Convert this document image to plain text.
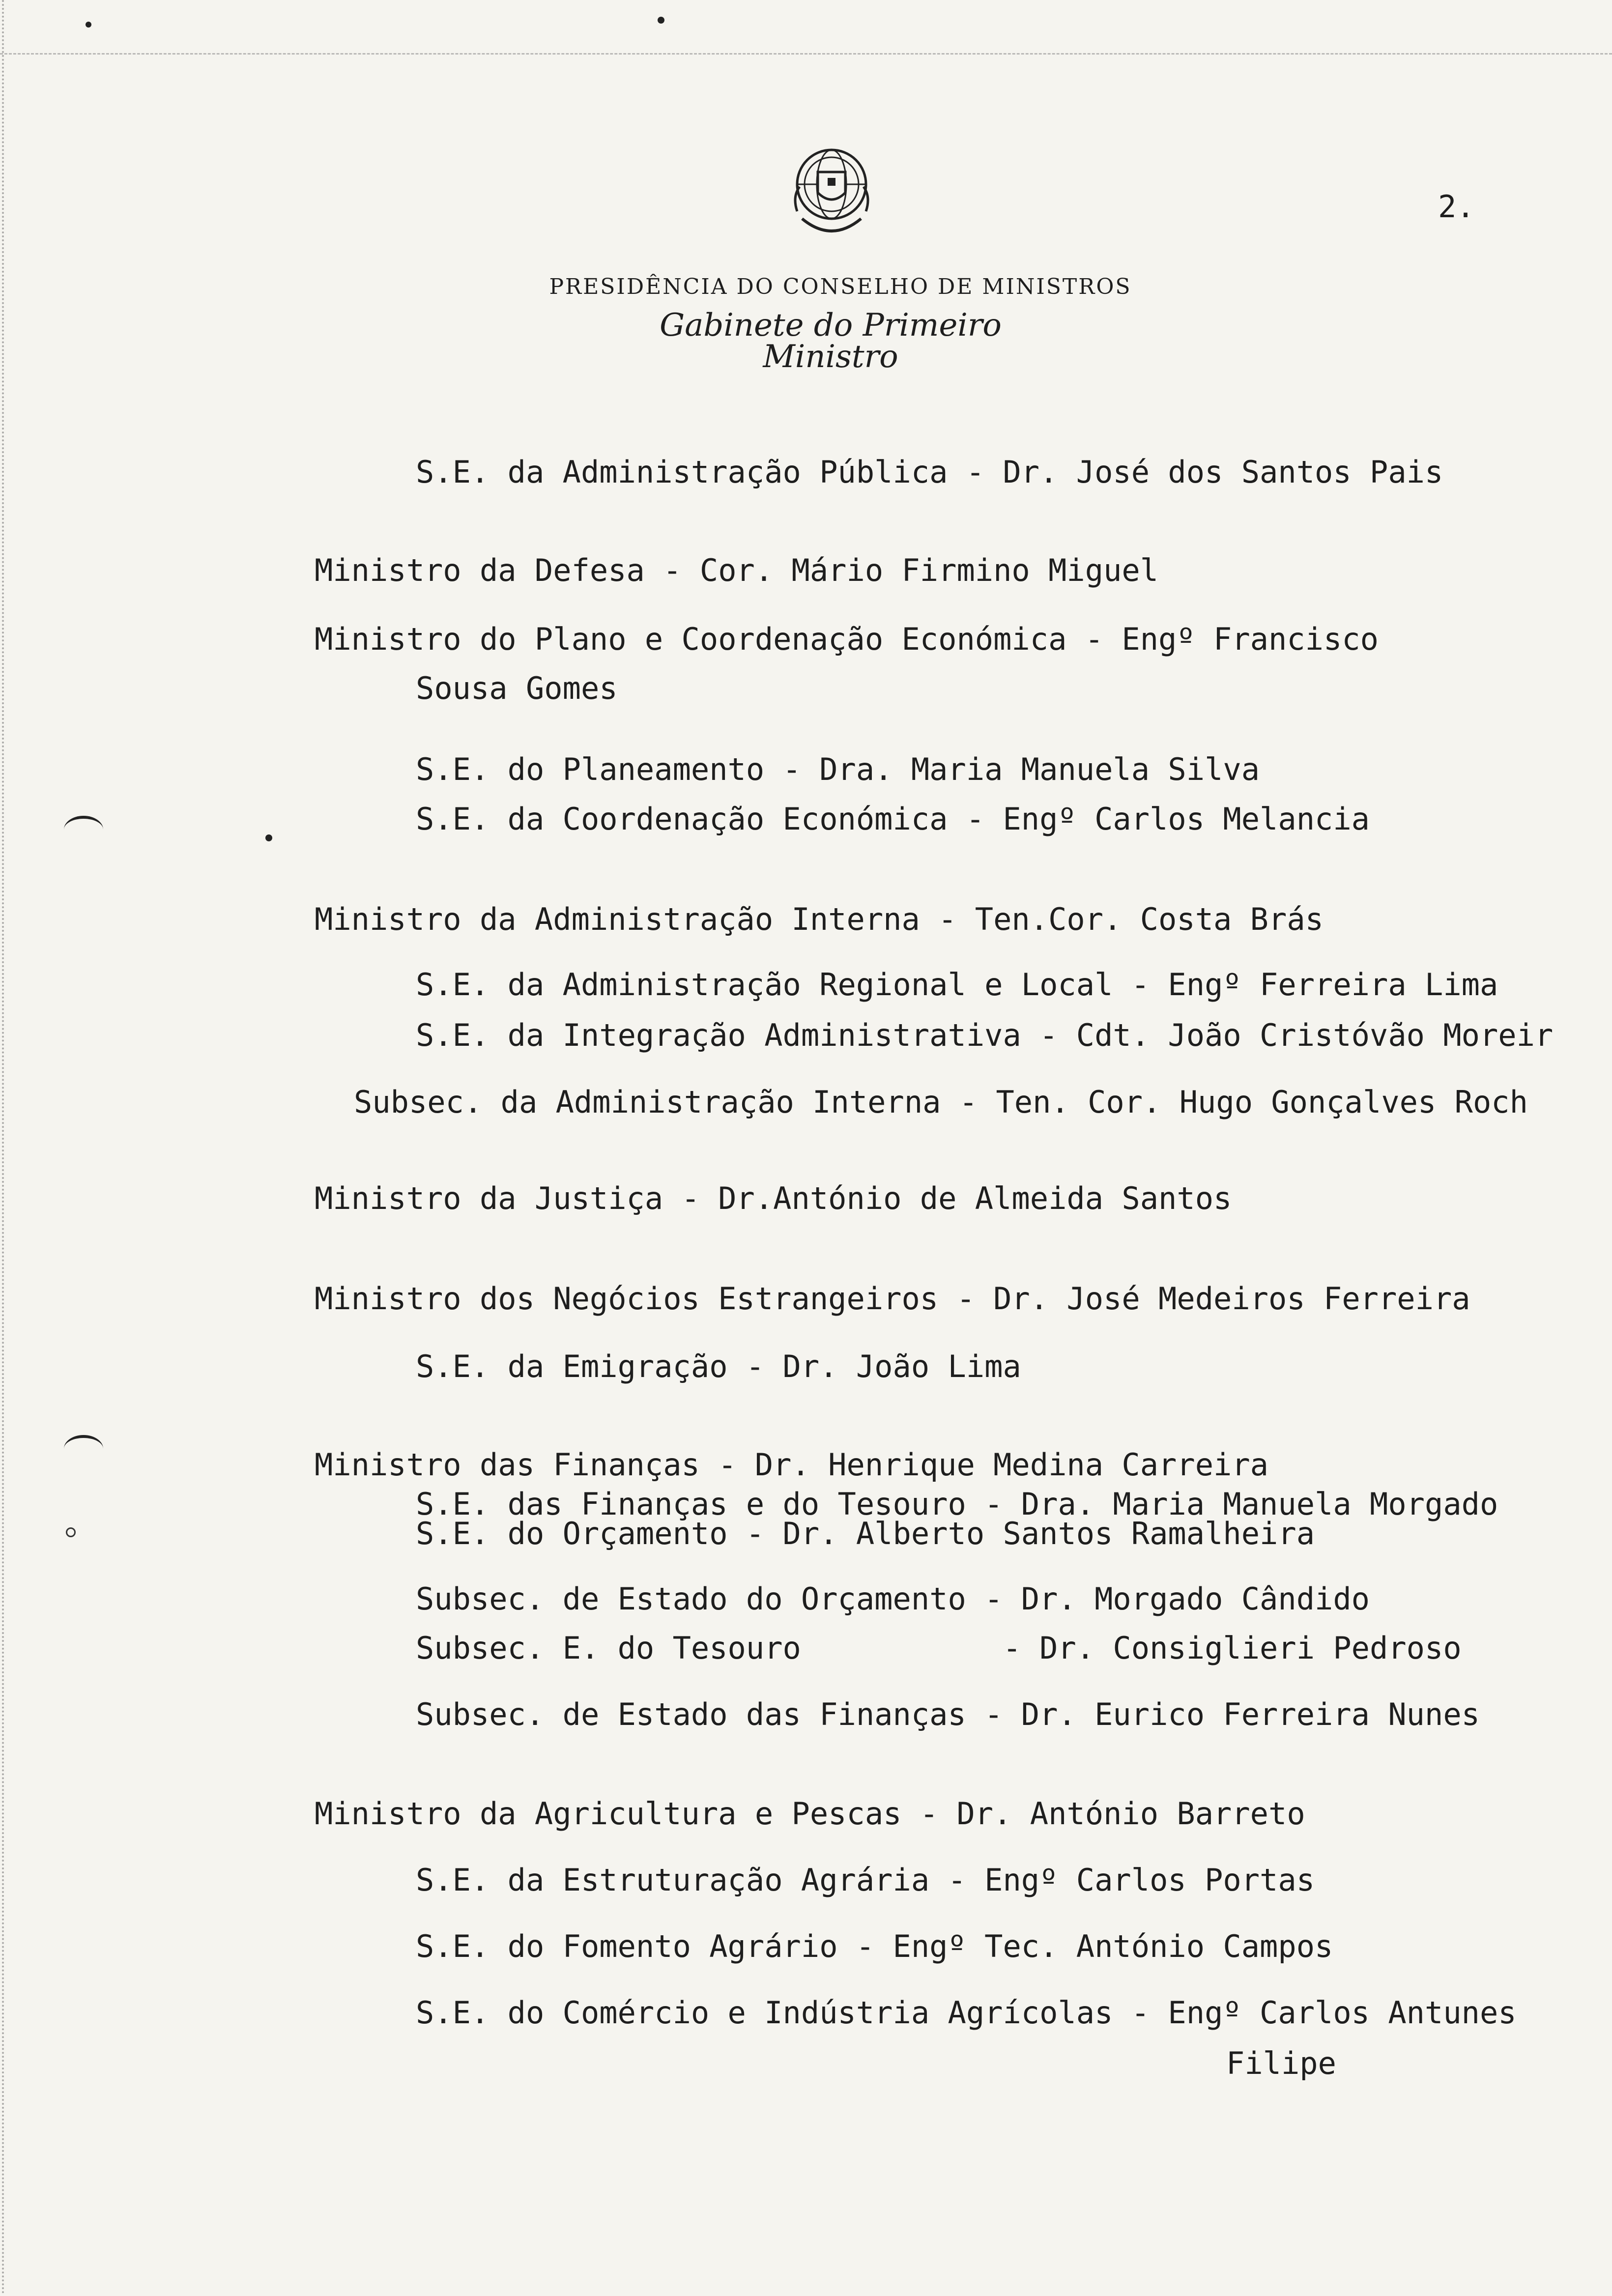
2.
PRESIDÊNCIA DO CONSELHO DE MINISTROS
Gabinete do Primeiro Ministro
S.E. da Administração Pública - Dr. José dos Santos Pais
Ministro da Defesa - Cor. Mário Firmino Miguel
Ministro do Plano e Coordenação Económica - Engº Francisco
Sousa Gomes
S.E. do Planeamento - Dra. Maria Manuela Silva
S.E. da Coordenação Económica - Engº Carlos Melancia
Ministro da Administração Interna - Ten.Cor. Costa Brás
S.E. da Administração Regional e Local - Engº Ferreira Lima
S.E. da Integração Administrativa - Cdt. João Cristóvão Moreir
Subsec. da Administração Interna - Ten. Cor. Hugo Gonçalves Roch
Ministro da Justiça - Dr.António de Almeida Santos
Ministro dos Negócios Estrangeiros - Dr. José Medeiros Ferreira
S.E. da Emigração - Dr. João Lima
Ministro das Finanças - Dr. Henrique Medina Carreira
S.E. das Finanças e do Tesouro - Dra. Maria Manuela Morgado
S.E. do Orçamento - Dr. Alberto Santos Ramalheira
Subsec. de Estado do Orçamento - Dr. Morgado Cândido
Subsec. E. do Tesouro           - Dr. Consiglieri Pedroso
Subsec. de Estado das Finanças - Dr. Eurico Ferreira Nunes
Ministro da Agricultura e Pescas - Dr. António Barreto
S.E. da Estruturação Agrária - Engº Carlos Portas
S.E. do Fomento Agrário - Engº Tec. António Campos
S.E. do Comércio e Indústria Agrícolas - Engº Carlos Antunes
Filipe
